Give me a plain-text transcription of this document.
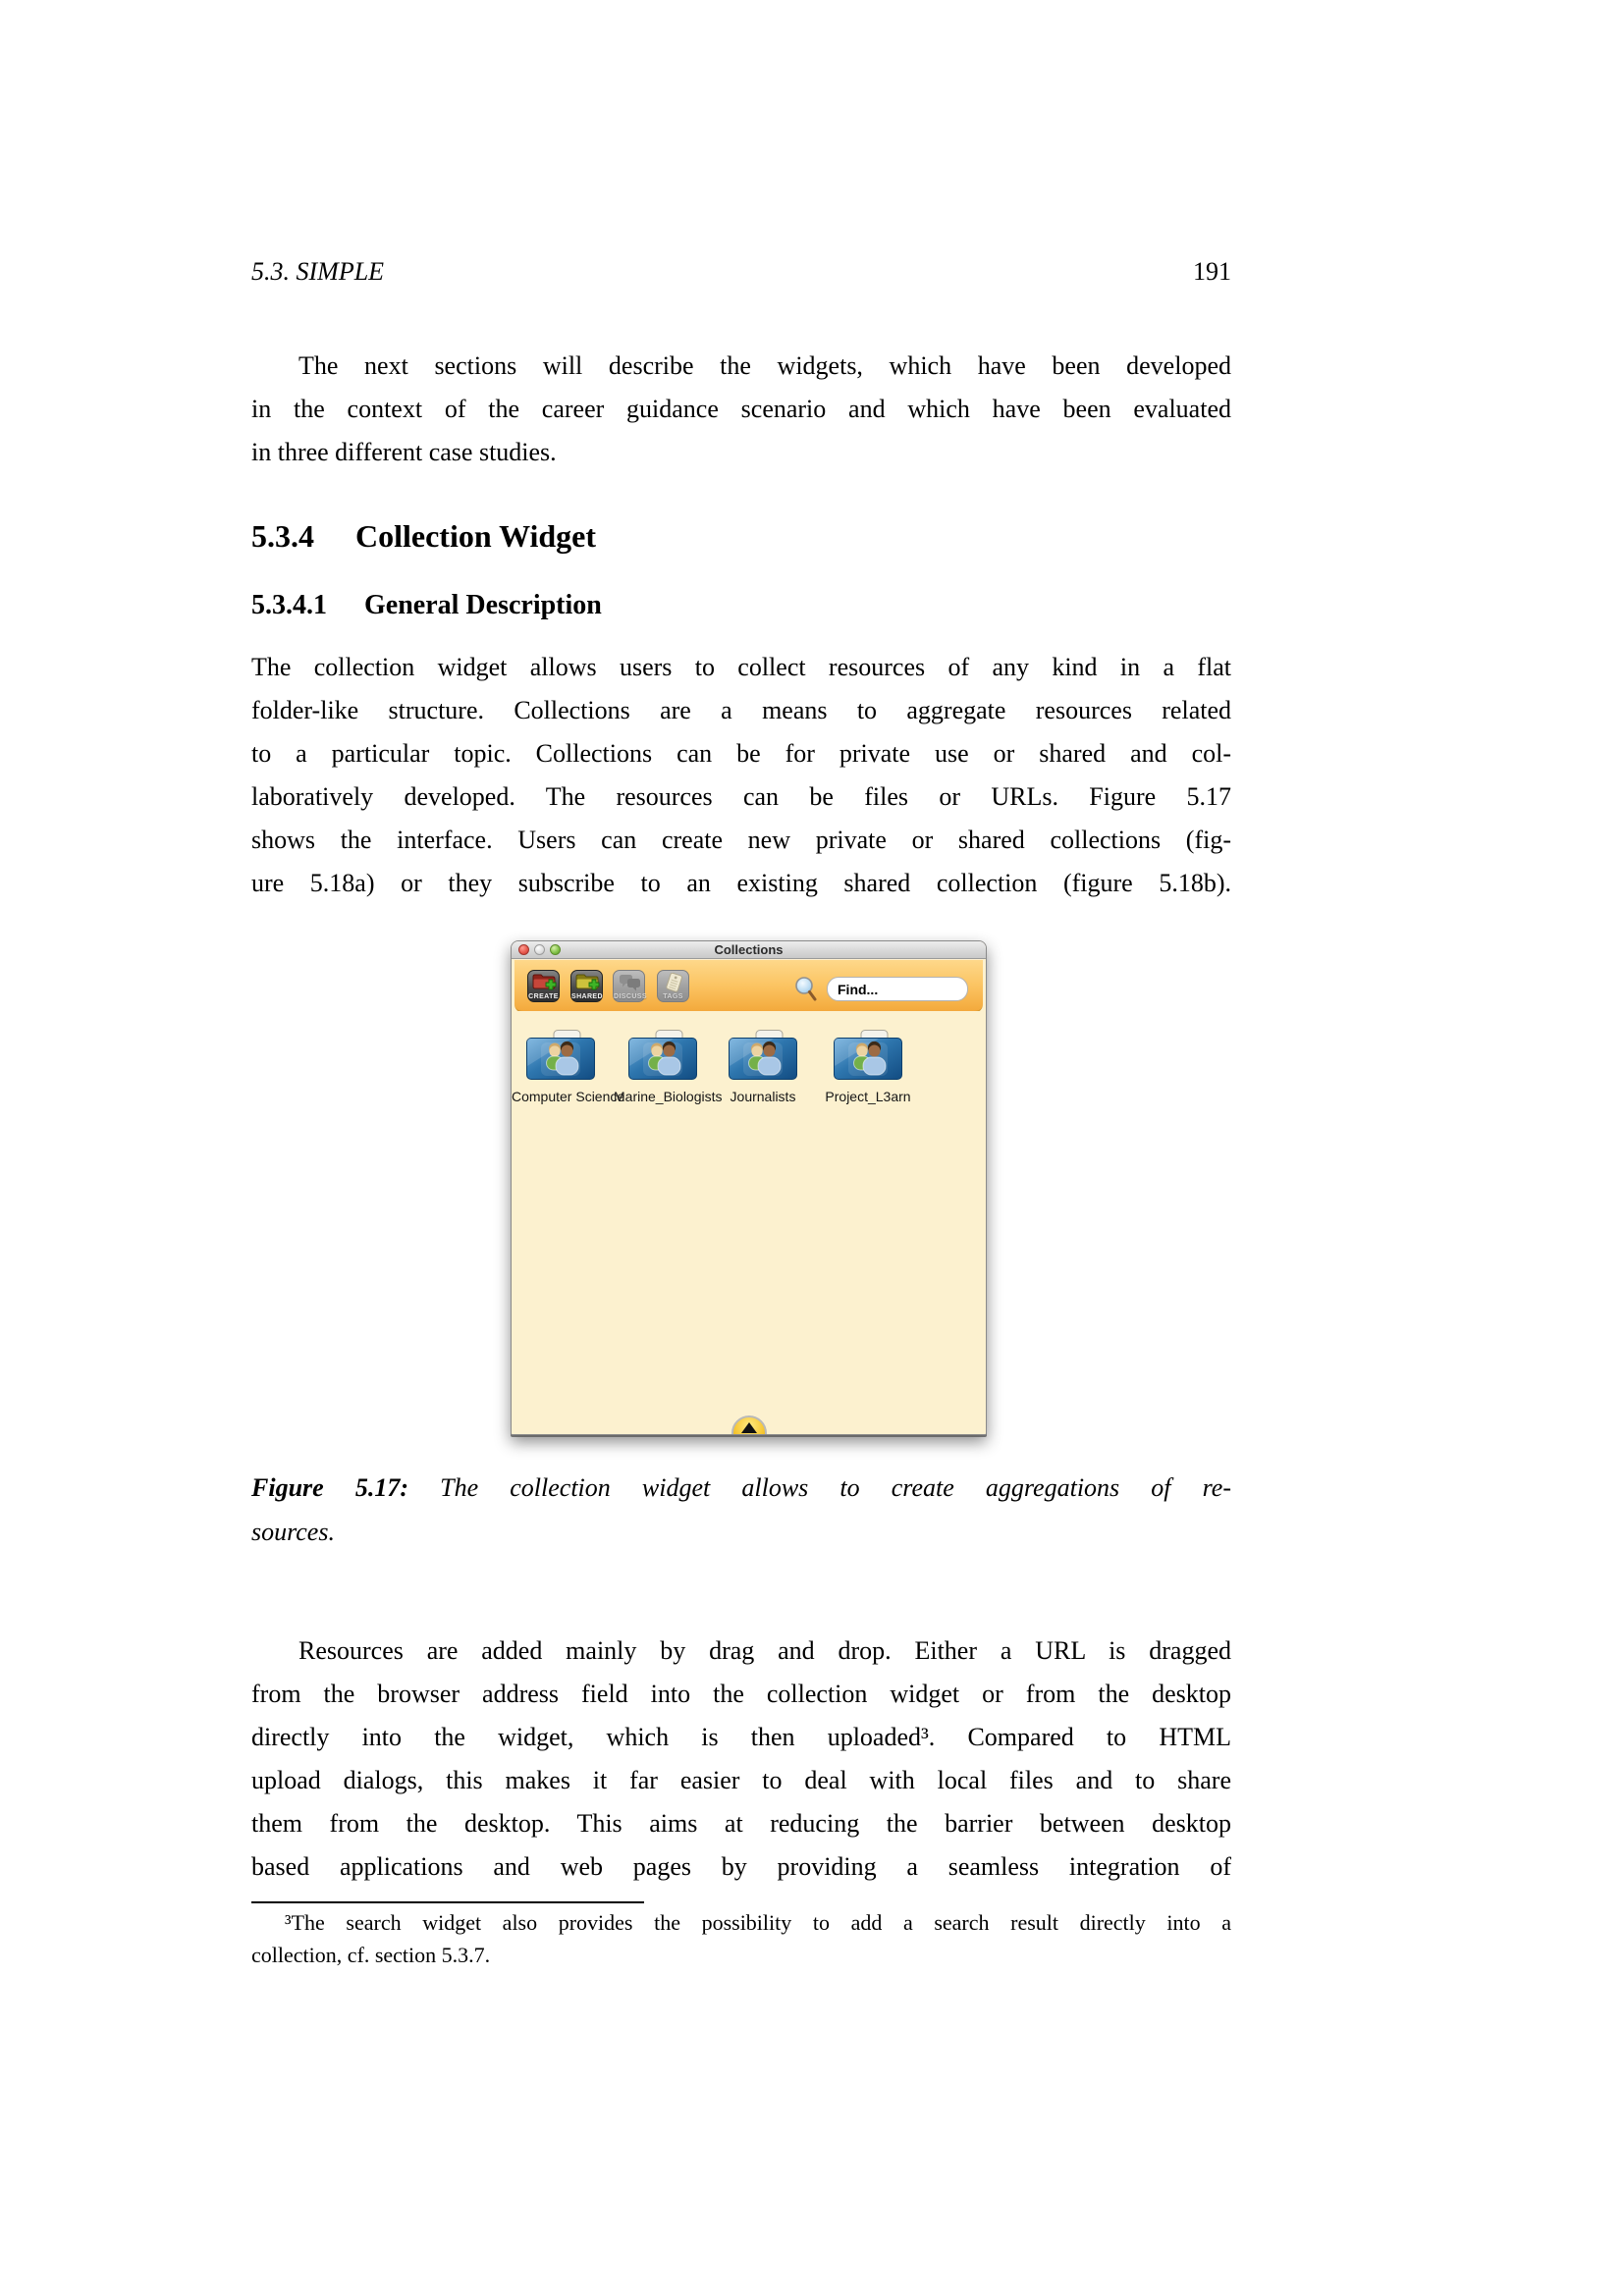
5.3. SIMPLE	191
The next sections will describe the widgets, which have been developed
in the context of the career guidance scenario and which have been evaluated
in three different case studies.
5.3.4 Collection Widget
5.3.4.1 General Description
The collection widget allows users to collect resources of any kind in a flat
folder-like structure. Collections are a means to aggregate resources related
to a particular topic. Collections can be for private use or shared and col-
laboratively developed. The resources can be files or URLs. Figure 5.17
shows the interface. Users can create new private or shared collections (fig-
ure 5.18a) or they subscribe to an existing shared collection (figure 5.18b).
Collections
CREATE SHARED DISCUSS	TAGS
Find...
Computer Science
Marine_Biologists Journalists	Project_L3arn
Figure 5.17: The collection widget allows to create aggregations of re-
sources.
Resources are added mainly by drag and drop. Either a URL is dragged
from the browser address field into the collection widget or from the desktop
directly into the widget, which is then uploaded³. Compared to HTML
upload dialogs, this makes it far easier to deal with local files and to share
them from the desktop. This aims at reducing the barrier between desktop
based applications and web pages by providing a seamless integration of
³The search widget also provides the possibility to add a search result directly into a
collection, cf. section 5.3.7.
